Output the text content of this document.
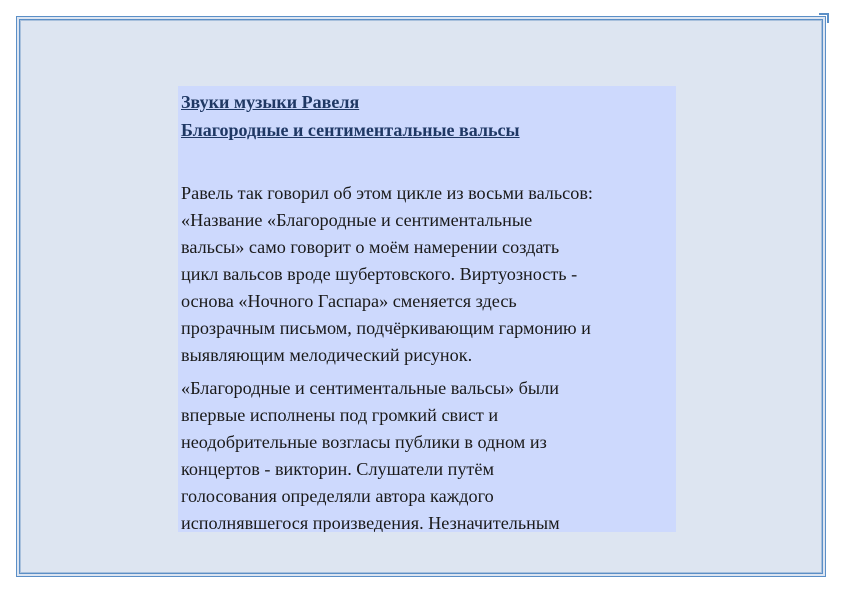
Звуки музыки Равеля
Благородные и сентиментальные вальсы

Равель так говорил об этом цикле из восьми вальсов:
«Название «Благородные и сентиментальные
вальсы» само говорит о моём намерении создать
цикл вальсов вроде шубертовского. Виртуозность -
основа «Ночного Гаспара» сменяется здесь
прозрачным письмом, подчёркивающим гармонию и
выявляющим мелодический рисунок.

«Благородные и сентиментальные вальсы» были
впервые исполнены под громкий свист и
неодобрительные возгласы публики в одном из
концертов - викторин. Слушатели путём
голосования определяли автора каждого
исполнявшегося произведения. Незначительным
